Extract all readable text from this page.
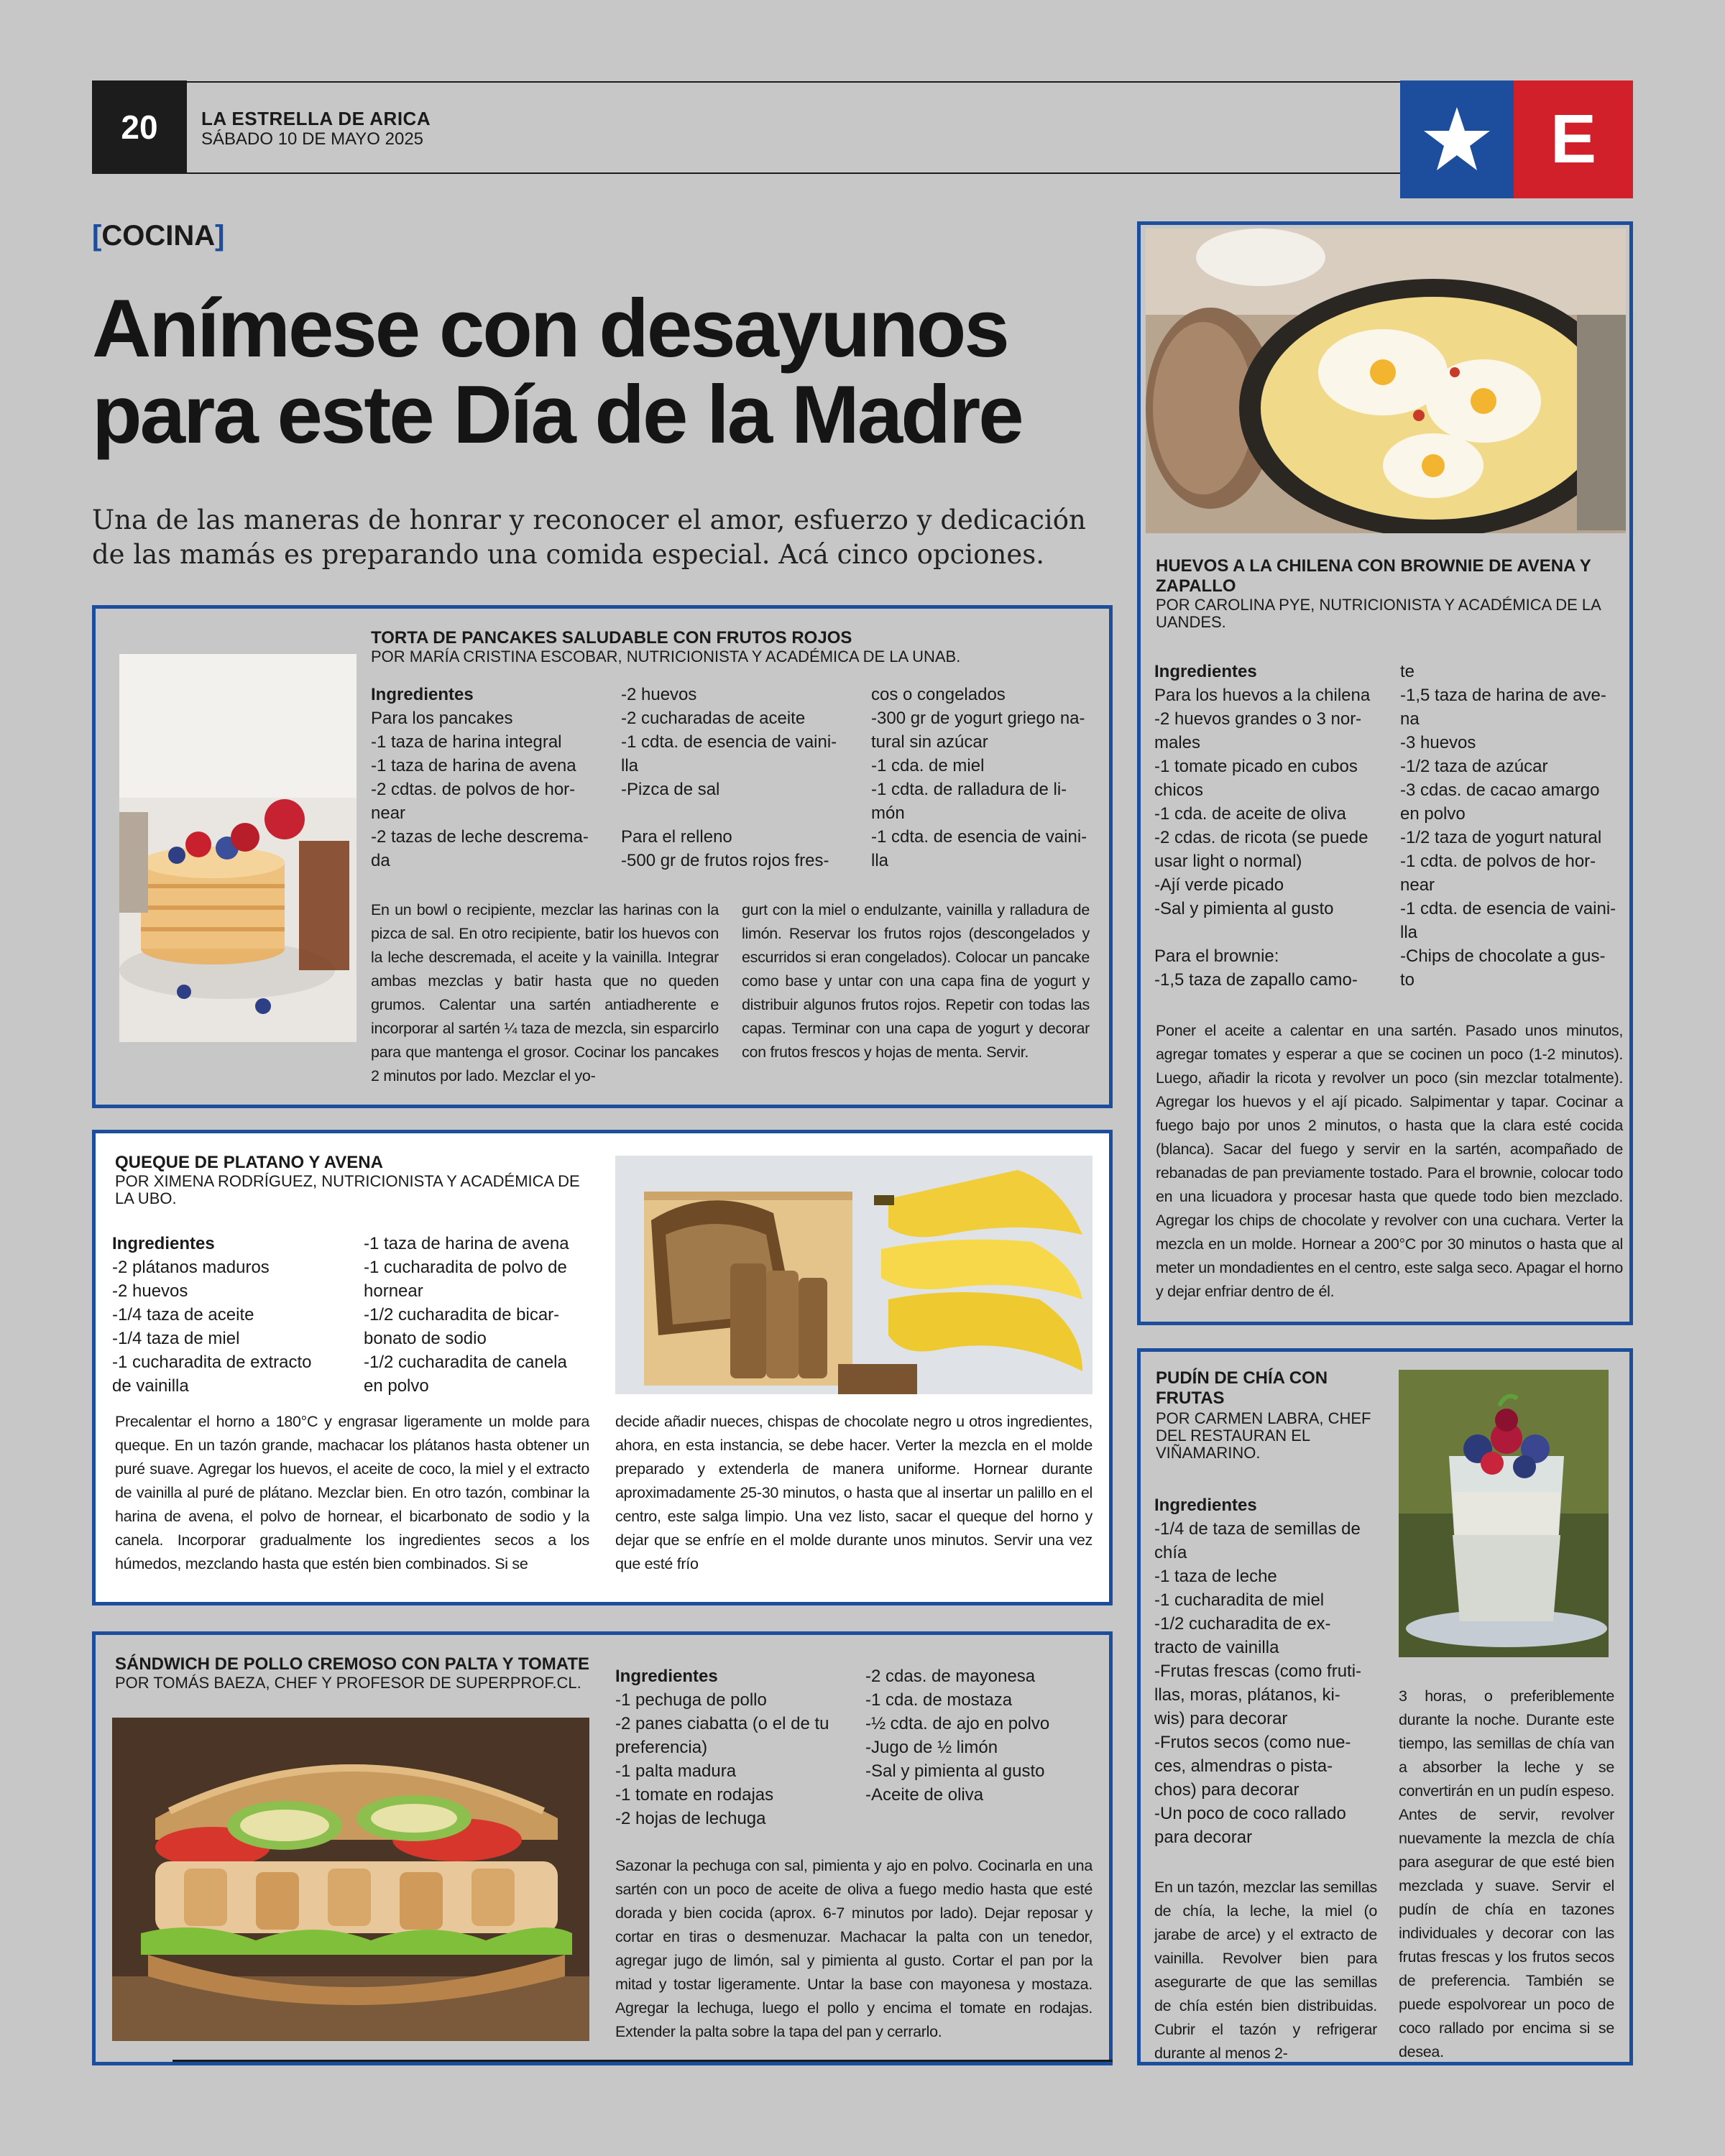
20	LA ESTRELLA DE ARICA
SÁBADO 10 DE MAYO 2025	E
[COCINA]
Anímese con desayunos para este Día de la Madre
Una de las maneras de honrar y reconocer el amor, esfuerzo y dedicación de las mamás es preparando una comida especial. Acá cinco opciones.
TORTA DE PANCAKES SALUDABLE CON FRUTOS ROJOS
POR MARÍA CRISTINA ESCOBAR, NUTRICIONISTA Y ACADÉMICA DE LA UNAB.
Ingredientes
Para los pancakes
-1 taza de harina integral
-1 taza de harina de avena
-2 cdtas. de polvos de hor-
near
-2 tazas de leche descrema-
da
-2 huevos
-2 cucharadas de aceite
-1 cdta. de esencia de vaini-
lla
-Pizca de sal

Para el relleno
-500 gr de frutos rojos fres-
cos o congelados
-300 gr de yogurt griego na-
tural sin azúcar
-1 cda. de miel
-1 cdta. de ralladura de li-
món
-1 cdta. de esencia de vaini-
lla
En un bowl o recipiente, mezclar las harinas con la pizca de sal. En otro recipiente, batir los huevos con la leche descremada, el aceite y la vainilla. Integrar ambas mezclas y batir hasta que no queden grumos. Calentar una sartén antiadherente e incorporar al sartén ¼ taza de mezcla, sin esparcirlo para que mantenga el grosor. Cocinar los pancakes 2 minutos por lado. Mezclar el yo-
gurt con la miel o endulzante, vainilla y ralladura de limón. Reservar los frutos rojos (descongelados y escurridos si eran congelados). Colocar un pancake como base y untar con una capa fina de yogurt y distribuir algunos frutos rojos. Repetir con todas las capas. Terminar con una capa de yogurt y decorar con frutos frescos y hojas de menta. Servir.
QUEQUE DE PLATANO Y AVENA
POR XIMENA RODRÍGUEZ, NUTRICIONISTA Y ACADÉMICA DE LA UBO.
Ingredientes
-2 plátanos maduros
-2 huevos
-1/4 taza de aceite
-1/4 taza de miel
-1 cucharadita de extracto
de vainilla
-1 taza de harina de avena
-1 cucharadita de polvo de
hornear
-1/2 cucharadita de bicar-
bonato de sodio
-1/2 cucharadita de canela
en polvo
Precalentar el horno a 180°C y engrasar ligeramente un molde para queque. En un tazón grande, machacar los plátanos hasta obtener un puré suave. Agregar los huevos, el aceite de coco, la miel y el extracto de vainilla al puré de plátano. Mezclar bien. En otro tazón, combinar la harina de avena, el polvo de hornear, el bicarbonato de sodio y la canela. Incorporar gradualmente los ingredientes secos a los húmedos, mezclando hasta que estén bien combinados. Si se
decide añadir nueces, chispas de chocolate negro u otros ingredientes, ahora, en esta instancia, se debe hacer. Verter la mezcla en el molde preparado y extenderla de manera uniforme. Hornear durante aproximadamente 25-30 minutos, o hasta que al insertar un palillo en el centro, este salga limpio. Una vez listo, sacar el queque del horno y dejar que se enfríe en el molde durante unos minutos. Servir una vez que esté frío
SÁNDWICH DE POLLO CREMOSO CON PALTA Y TOMATE
POR TOMÁS BAEZA, CHEF Y PROFESOR DE SUPERPROF.CL.	Ingredientes
-1 pechuga de pollo
-2 panes ciabatta (o el de tu
preferencia)
-1 palta madura
-1 tomate en rodajas
-2 hojas de lechuga
-2 cdas. de mayonesa
-1 cda. de mostaza
-½ cdta. de ajo en polvo
-Jugo de ½ limón
-Sal y pimienta al gusto
-Aceite de oliva
Sazonar la pechuga con sal, pimienta y ajo en polvo. Cocinarla en una sartén con un poco de aceite de oliva a fuego medio hasta que esté dorada y bien cocida (aprox. 6-7 minutos por lado). Dejar reposar y cortar en tiras o desmenuzar. Machacar la palta con un tenedor, agregar jugo de limón, sal y pimienta al gusto. Cortar el pan por la mitad y tostar ligeramente. Untar la base con mayonesa y mostaza. Agregar la lechuga, luego el pollo y encima el tomate en rodajas. Extender la palta sobre la tapa del pan y cerrarlo.
HUEVOS A LA CHILENA CON BROWNIE DE AVENA Y ZAPALLO
POR CAROLINA PYE, NUTRICIONISTA Y ACADÉMICA DE LA UANDES.
Ingredientes
Para los huevos a la chilena
-2 huevos grandes o 3 nor-
males
-1 tomate picado en cubos
chicos
-1 cda. de aceite de oliva
-2 cdas. de ricota (se puede
usar light o normal)
-Ají verde picado
-Sal y pimienta al gusto

Para el brownie:
-1,5 taza de zapallo camo-
te
-1,5 taza de harina de ave-
na
-3 huevos
-1/2 taza de azúcar
-3 cdas. de cacao amargo
en polvo
-1/2 taza de yogurt natural
-1 cdta. de polvos de hor-
near
-1 cdta. de esencia de vaini-
lla
-Chips de chocolate a gus-
to
Poner el aceite a calentar en una sartén. Pasado unos minutos, agregar tomates y esperar a que se cocinen un poco (1-2 minutos). Luego, añadir la ricota y revolver un poco (sin mezclar totalmente). Agregar los huevos y el ají picado. Salpimentar y tapar. Cocinar a fuego bajo por unos 2 minutos, o hasta que la clara esté cocida (blanca). Sacar del fuego y servir en la sartén, acompañado de rebanadas de pan previamente tostado. Para el brownie, colocar todo en una licuadora y procesar hasta que quede todo bien mezclado. Agregar los chips de chocolate y revolver con una cuchara. Verter la mezcla en un molde. Hornear a 200°C por 30 minutos o hasta que al meter un mondadientes en el centro, este salga seco. Apagar el horno y dejar enfriar dentro de él.
PUDÍN DE CHÍA CON FRUTAS
POR CARMEN LABRA, CHEF DEL RESTAURAN EL VIÑAMARINO.
Ingredientes
-1/4 de taza de semillas de
chía
-1 taza de leche
-1 cucharadita de miel
-1/2 cucharadita de ex-
tracto de vainilla
-Frutas frescas (como fruti-
llas, moras, plátanos, ki-
wis) para decorar
-Frutos secos (como nue-
ces, almendras o pista-
chos) para decorar
-Un poco de coco rallado
para decorar
En un tazón, mezclar las semillas de chía, la leche, la miel (o jarabe de arce) y el extracto de vainilla. Revolver bien para asegurarte de que las semillas de chía estén bien distribuidas. Cubrir el tazón y refrigerar durante al menos 2-
3 horas, o preferiblemente durante la noche. Durante este tiempo, las semillas de chía van a absorber la leche y se convertirán en un pudín espeso. Antes de servir, revolver nuevamente la mezcla de chía para asegurar de que esté bien mezclada y suave. Servir el pudín de chía en tazones individuales y decorar con las frutas frescas y los frutos secos de preferencia. También se puede espolvorear un poco de coco rallado por encima si se desea.
